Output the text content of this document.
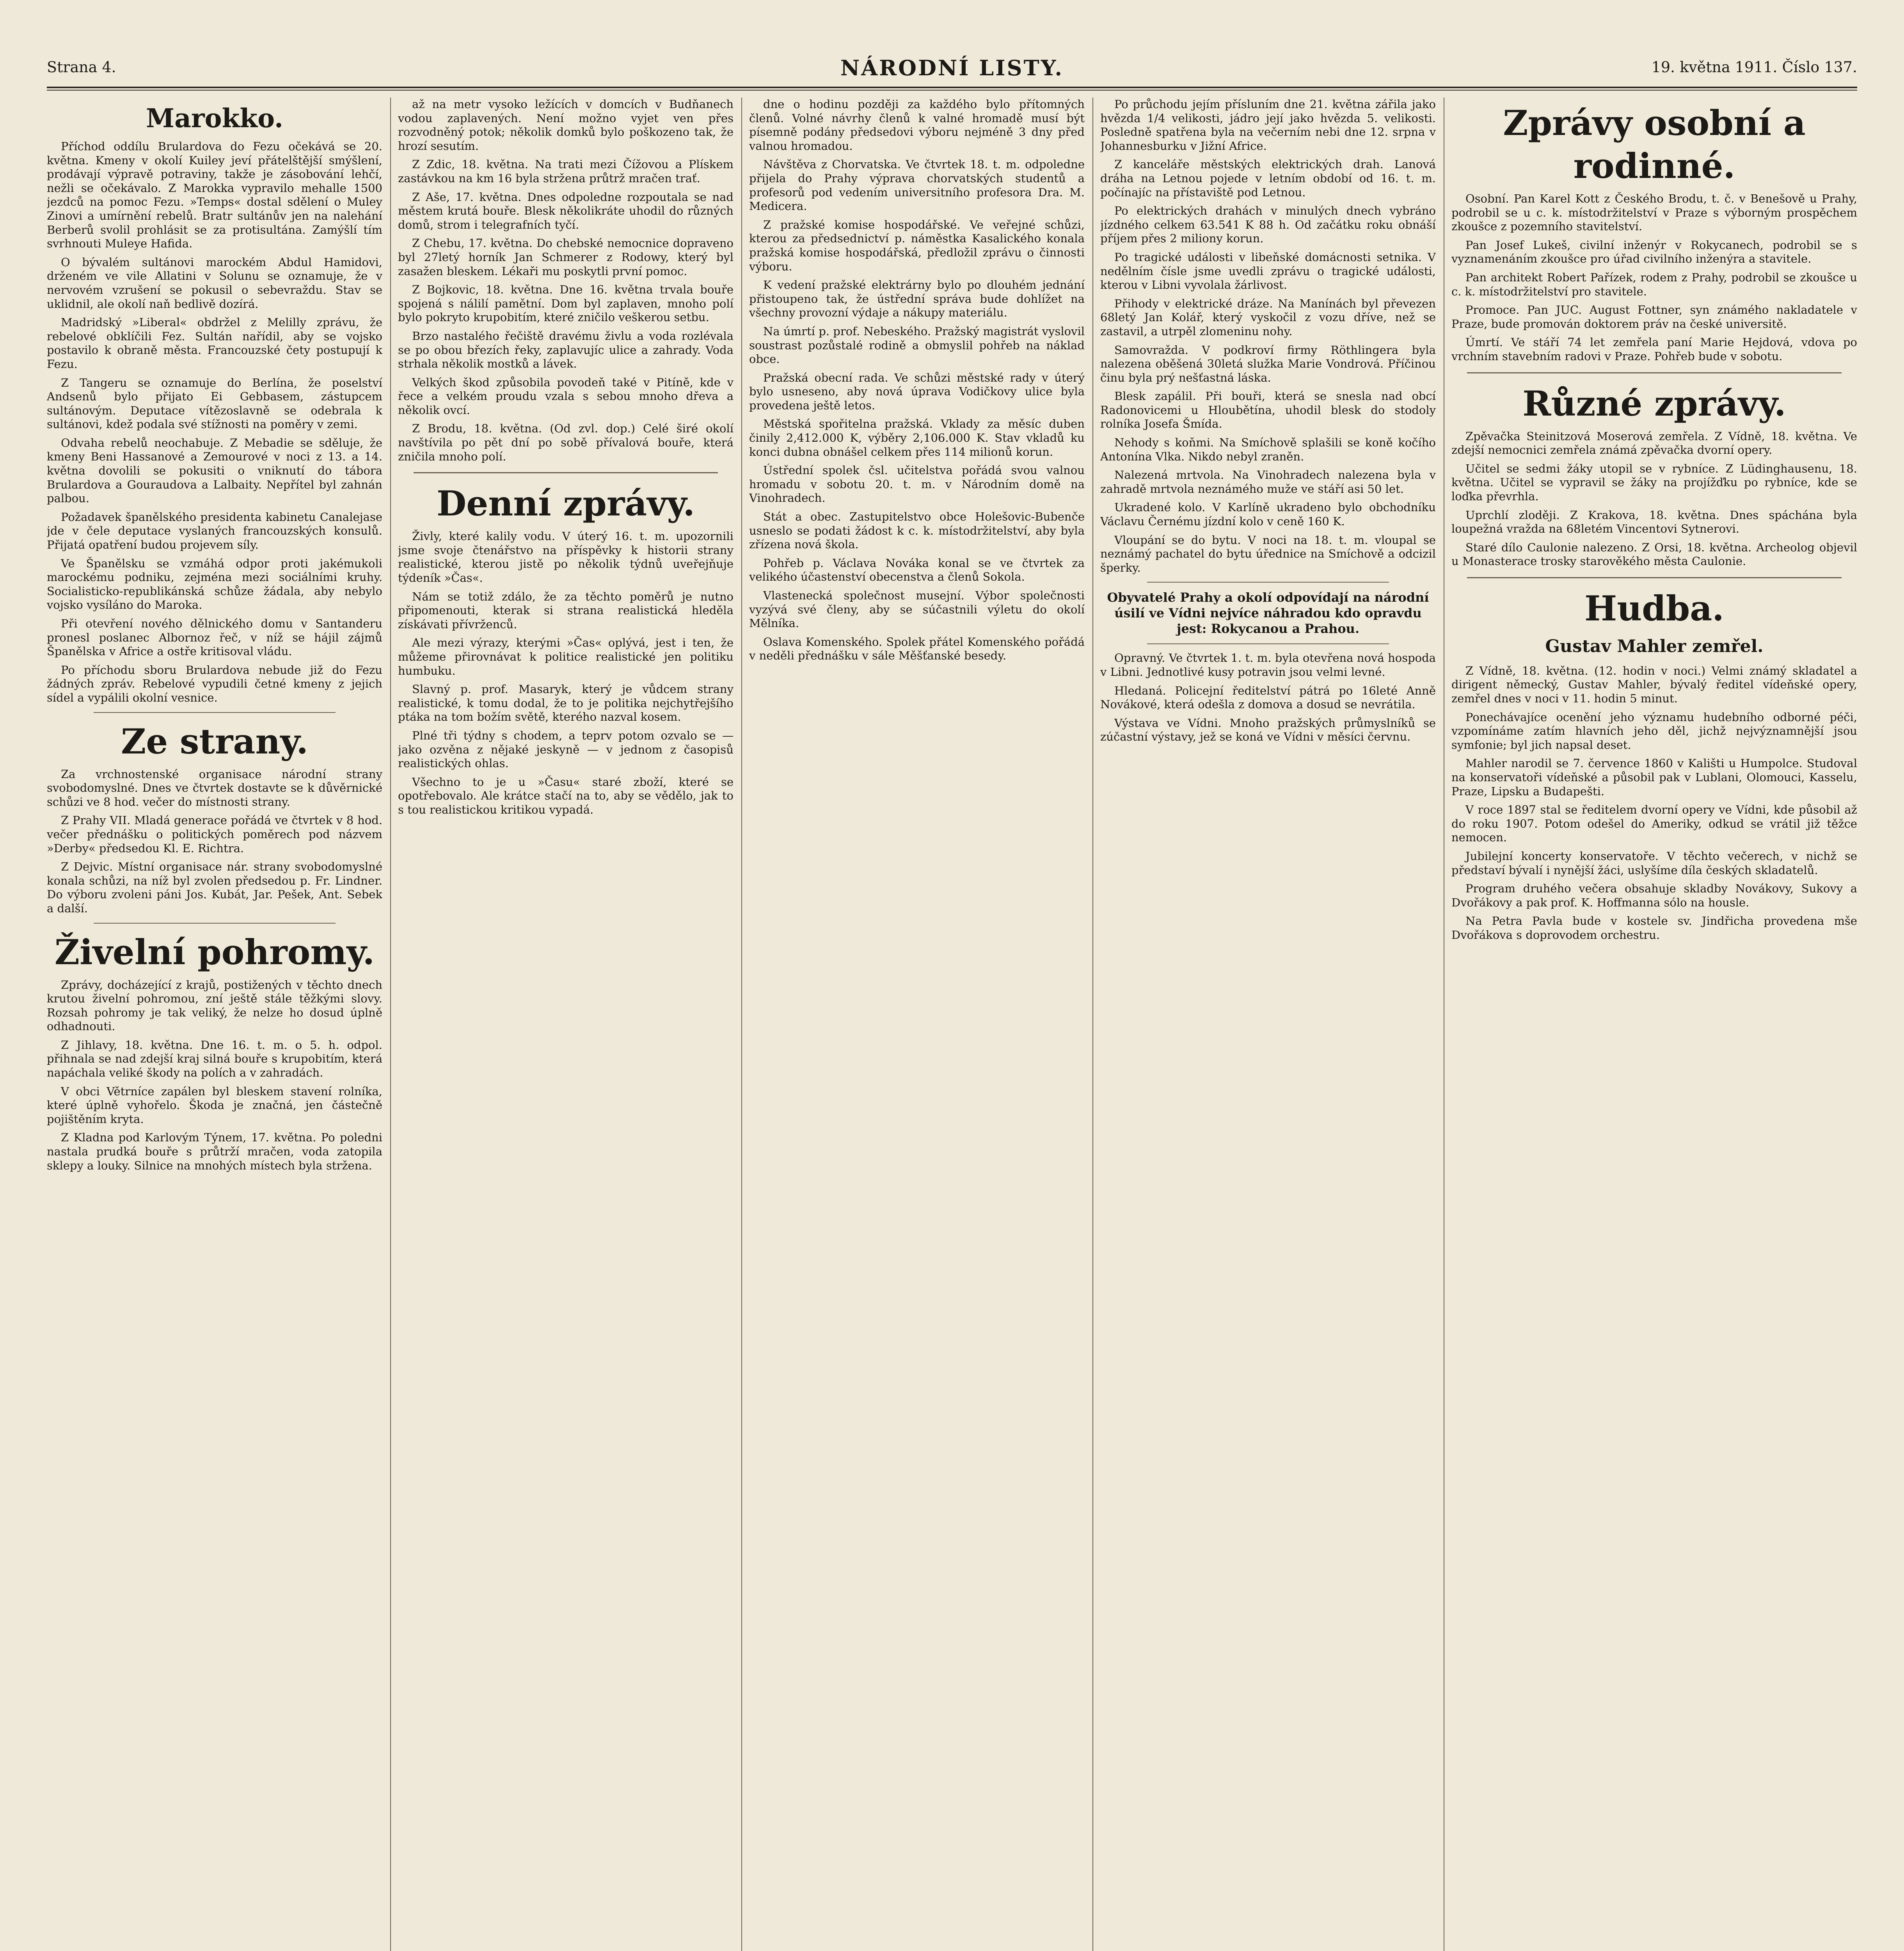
Strana 4.	NÁRODNÍ LISTY.	19. května 1911. Číslo 137.
Marokko.

Příchod oddílu Brulardova do Fezu očekává se 20. května. Kmeny v okolí Kuiley jeví přátelštější smýšlení, prodávají výpravě potraviny, takže je zásobování lehčí, nežli se očekávalo. Z Marokka vypravilo mehalle 1500 jezdců na pomoc Fezu. »Temps« dostal sdělení o Muley Zinovi a umírnění rebelů. Bratr sultánův jen na nalehání Berberů svolil prohlásit se za protisultána. Zamýšlí tím svrhnouti Muleye Hafida.

O bývalém sultánovi marockém Abdul Hamidovi, drženém ve vile Allatini v Solunu se oznamuje, že v nervovém vzrušení se pokusil o sebevraždu. Stav se uklidnil, ale okolí naň bedlivě dozírá.

Madridský »Liberal« obdržel z Melilly zprávu, že rebelové obklíčili Fez. Sultán nařídil, aby se vojsko postavilo k obraně města. Francouzské čety postupují k Fezu.

Z Tangeru se oznamuje do Berlína, že poselství Andsenů bylo přijato Ei Gebbasem, zástupcem sultánovým. Deputace vítězoslavně se odebrala k sultánovi, kdež podala své stížnosti na poměry v zemi.

Odvaha rebelů neochabuje. Z Mebadie se sděluje, že kmeny Beni Hassanové a Zemourové v noci z 13. a 14. května dovolili se pokusiti o vniknutí do tábora Brulardova a Gouraudova a Lalbaity. Nepřítel byl zahnán palbou.

Požadavek španělského presidenta kabinetu Canalejase jde v čele deputace vyslaných francouzských konsulů. Přijatá opatření budou projevem síly.

Ve Španělsku se vzmáhá odpor proti jakémukoli marockému podniku, zejména mezi sociálními kruhy. Socialisticko-republikánská schůze žádala, aby nebylo vojsko vysíláno do Maroka.

Při otevření nového dělnického domu v Santanderu pronesl poslanec Albornoz řeč, v níž se hájil zájmů Španělska v Africe a ostře kritisoval vládu.

Po příchodu sboru Brulardova nebude již do Fezu žádných zpráv. Rebelové vypudili četné kmeny z jejich sídel a vypálili okolní vesnice.

Ze strany.

Za vrchnostenské organisace národní strany svobodomyslné. Dnes ve čtvrtek dostavte se k důvěrnické schůzi ve 8 hod. večer do místnosti strany.

Z Prahy VII. Mladá generace pořádá ve čtvrtek v 8 hod. večer přednášku o politických poměrech pod názvem »Derby« předsedou Kl. E. Richtra.

Z Dejvic. Místní organisace nár. strany svobodomyslné konala schůzi, na níž byl zvolen předsedou p. Fr. Lindner. Do výboru zvoleni páni Jos. Kubát, Jar. Pešek, Ant. Sebek a další.

Živelní pohromy.

Zprávy, docházející z krajů, postižených v těchto dnech krutou živelní pohromou, zní ještě stále těžkými slovy. Rozsah pohromy je tak veliký, že nelze ho dosud úplně odhadnouti.

Z Jihlavy, 18. května. Dne 16. t. m. o 5. h. odpol. přihnala se nad zdejší kraj silná bouře s krupobitím, která napáchala veliké škody na polích a v zahradách.

V obci Větrníce zapálen byl bleskem stavení rolníka, které úplně vyhořelo. Škoda je značná, jen částečně pojištěním kryta.

Z Kladna pod Karlovým Týnem, 17. května. Po poledni nastala prudká bouře s průtrží mračen, voda zatopila sklepy a louky. Silnice na mnohých místech byla stržena.

až na metr vysoko ležících v domcích v Budňanech vodou zaplavených. Není možno vyjet ven přes rozvodněný potok; několik domků bylo poškozeno tak, že hrozí sesutím.

Z Zdic, 18. května. Na trati mezi Čížovou a Plískem zastávkou na km 16 byla stržena průtrž mračen trať.

Z Aše, 17. května. Dnes odpoledne rozpoutala se nad městem krutá bouře. Blesk několikráte uhodil do různých domů, strom i telegrafních tyčí.

Z Chebu, 17. května. Do chebské nemocnice dopraveno byl 27letý horník Jan Schmerer z Rodowy, který byl zasažen bleskem. Lékaři mu poskytli první pomoc.

Z Bojkovic, 18. května. Dne 16. května trvala bouře spojená s nálilí pamětní. Dom byl zaplaven, mnoho polí bylo pokryto krupobitím, které zničilo veškerou setbu.

Brzo nastalého řečiště dravému živlu a voda rozlévala se po obou březích řeky, zaplavujíc ulice a zahrady. Voda strhala několik mostků a lávek.

Velkých škod způsobila povodeň také v Pitíně, kde v řece a velkém proudu vzala s sebou mnoho dřeva a několik ovcí.

Z Brodu, 18. května. (Od zvl. dop.) Celé širé okolí navštívila po pět dní po sobě přívalová bouře, která zničila mnoho polí.

Denní zprávy.

Živly, které kalily vodu. V úterý 16. t. m. upozornili jsme svoje čtenářstvo na příspěvky k historii strany realistické, kterou jistě po několik týdnů uveřejňuje týdeník »Čas«.

Nám se totiž zdálo, že za těchto poměrů je nutno připomenouti, kterak si strana realistická hleděla získávati přívrženců.

Ale mezi výrazy, kterými »Čas« oplývá, jest i ten, že můžeme přirovnávat k politice realistické jen politiku humbuku.

Slavný p. prof. Masaryk, který je vůdcem strany realistické, k tomu dodal, že to je politika nejchytřejšího ptáka na tom božím světě, kterého nazval kosem.

Plné tři týdny s chodem, a teprv potom ozvalo se — jako ozvěna z nějaké jeskyně — v jednom z časopisů realistických ohlas.

Všechno to je u »Času« staré zboží, které se opotřebovalo. Ale krátce stačí na to, aby se vědělo, jak to s tou realistickou kritikou vypadá.

dne o hodinu později za každého bylo přítomných členů. Volné návrhy členů k valné hromadě musí být písemně podány předsedovi výboru nejméně 3 dny před valnou hromadou.

Návštěva z Chorvatska. Ve čtvrtek 18. t. m. odpoledne přijela do Prahy výprava chorvatských studentů a profesorů pod vedením universitního profesora Dra. M. Medicera.

Z pražské komise hospodářské. Ve veřejné schůzi, kterou za předsednictví p. náměstka Kasalického konala pražská komise hospodářská, předložil zprávu o činnosti výboru.

K vedení pražské elektrárny bylo po dlouhém jednání přistoupeno tak, že ústřední správa bude dohlížet na všechny provozní výdaje a nákupy materiálu.

Na úmrtí p. prof. Nebeského. Pražský magistrát vyslovil soustrast pozůstalé rodině a obmyslil pohřeb na náklad obce.

Pražská obecní rada. Ve schůzi městské rady v úterý bylo usneseno, aby nová úprava Vodičkovy ulice byla provedena ještě letos.

Městská spořitelna pražská. Vklady za měsíc duben činily 2,412.000 K, výběry 2,106.000 K. Stav vkladů ku konci dubna obnášel celkem přes 114 milionů korun.

Ústřední spolek čsl. učitelstva pořádá svou valnou hromadu v sobotu 20. t. m. v Národním domě na Vinohradech.

Stát a obec. Zastupitelstvo obce Holešovic-Bubenče usneslo se podati žádost k c. k. místodržitelství, aby byla zřízena nová škola.

Pohřeb p. Václava Nováka konal se ve čtvrtek za velikého účastenství obecenstva a členů Sokola.

Vlastenecká společnost musejní. Výbor společnosti vyzývá své členy, aby se súčastnili výletu do okolí Mělníka.

Oslava Komenského. Spolek přátel Komenského pořádá v neděli přednášku v sále Měšťanské besedy.

Po průchodu jejím přísluním dne 21. května zářila jako hvězda 1/4 velikosti, jádro její jako hvězda 5. velikosti. Posledně spatřena byla na večerním nebi dne 12. srpna v Johannesburku v Jižní Africe.

Z kanceláře městských elektrických drah. Lanová dráha na Letnou pojede v letním období od 16. t. m. počínajíc na přístaviště pod Letnou.

Po elektrických drahách v minulých dnech vybráno jízdného celkem 63.541 K 88 h. Od začátku roku obnáší příjem přes 2 miliony korun.

Po tragické události v libeňské domácnosti setnika. V nedělním čísle jsme uvedli zprávu o tragické události, kterou v Libni vyvolala žárlivost.

Přihody v elektrické dráze. Na Manínách byl převezen 68letý Jan Kolář, který vyskočil z vozu dříve, než se zastavil, a utrpěl zlomeninu nohy.

Samovražda. V podkroví firmy Röthlingera byla nalezena oběšená 30letá služka Marie Vondrová. Příčinou činu byla prý nešťastná láska.

Blesk zapálil. Při bouři, která se snesla nad obcí Radonovicemi u Hloubětína, uhodil blesk do stodoly rolníka Josefa Šmída.

Nehody s koňmi. Na Smíchově splašili se koně kočího Antonína Vlka. Nikdo nebyl zraněn.

Nalezená mrtvola. Na Vinohradech nalezena byla v zahradě mrtvola neznámého muže ve stáří asi 50 let.

Ukradené kolo. V Karlíně ukradeno bylo obchodníku Václavu Černému jízdní kolo v ceně 160 K.

Vloupání se do bytu. V noci na 18. t. m. vloupal se neznámý pachatel do bytu úřednice na Smíchově a odcizil šperky.

Obyvatelé Prahy a okolí odpovídají na národní úsilí ve Vídni nejvíce náhradou kdo opravdu jest: Rokycanou a Prahou.

Opravný. Ve čtvrtek 1. t. m. byla otevřena nová hospoda v Libni. Jednotlivé kusy potravin jsou velmi levné.

Hledaná. Policejní ředitelství pátrá po 16leté Anně Novákové, která odešla z domova a dosud se nevrátila.

Výstava ve Vídni. Mnoho pražských průmyslníků se zúčastní výstavy, jež se koná ve Vídni v měsíci červnu.

Zprávy osobní a rodinné.

Osobní. Pan Karel Kott z Českého Brodu, t. č. v Benešově u Prahy, podrobil se u c. k. místodržitelství v Praze s výborným prospěchem zkoušce z pozemního stavitelství.

Pan Josef Lukeš, civilní inženýr v Rokycanech, podrobil se s vyznamenáním zkoušce pro úřad civilního inženýra a stavitele.

Pan architekt Robert Pařízek, rodem z Prahy, podrobil se zkoušce u c. k. místodržitelství pro stavitele.

Promoce. Pan JUC. August Fottner, syn známého nakladatele v Praze, bude promován doktorem práv na české universitě.

Úmrtí. Ve stáří 74 let zemřela paní Marie Hejdová, vdova po vrchním stavebním radovi v Praze. Pohřeb bude v sobotu.

Různé zprávy.

Zpěvačka Steinitzová Moserová zemřela. Z Vídně, 18. května. Ve zdejší nemocnici zemřela známá zpěvačka dvorní opery.

Učitel se sedmi žáky utopil se v rybníce. Z Lüdinghausenu, 18. května. Učitel se vypravil se žáky na projížďku po rybníce, kde se loďka převrhla.

Uprchlí zloději. Z Krakova, 18. května. Dnes spáchána byla loupežná vražda na 68letém Vincentovi Sytnerovi.

Staré dílo Caulonie nalezeno. Z Orsi, 18. května. Archeolog objevil u Monasterace trosky starověkého města Caulonie.

Hudba.
Gustav Mahler zemřel.

Z Vídně, 18. května. (12. hodin v noci.) Velmi známý skladatel a dirigent německý, Gustav Mahler, bývalý ředitel vídeňské opery, zemřel dnes v noci v 11. hodin 5 minut.

Ponechávajíce ocenění jeho významu hudebního odborné péči, vzpomínáme zatím hlavních jeho děl, jichž nejvýznamnější jsou symfonie; byl jich napsal deset.

Mahler narodil se 7. července 1860 v Kališti u Humpolce. Studoval na konservatoři vídeňské a působil pak v Lublani, Olomouci, Kasselu, Praze, Lipsku a Budapešti.

V roce 1897 stal se ředitelem dvorní opery ve Vídni, kde působil až do roku 1907. Potom odešel do Ameriky, odkud se vrátil již těžce nemocen.

Jubilejní koncerty konservatoře. V těchto večerech, v nichž se představí bývalí i nynější žáci, uslyšíme díla českých skladatelů.

Program druhého večera obsahuje skladby Novákovy, Sukovy a Dvořákovy a pak prof. K. Hoffmanna sólo na housle.

Na Petra Pavla bude v kostele sv. Jindřicha provedena mše Dvořákova s doprovodem orchestru.
